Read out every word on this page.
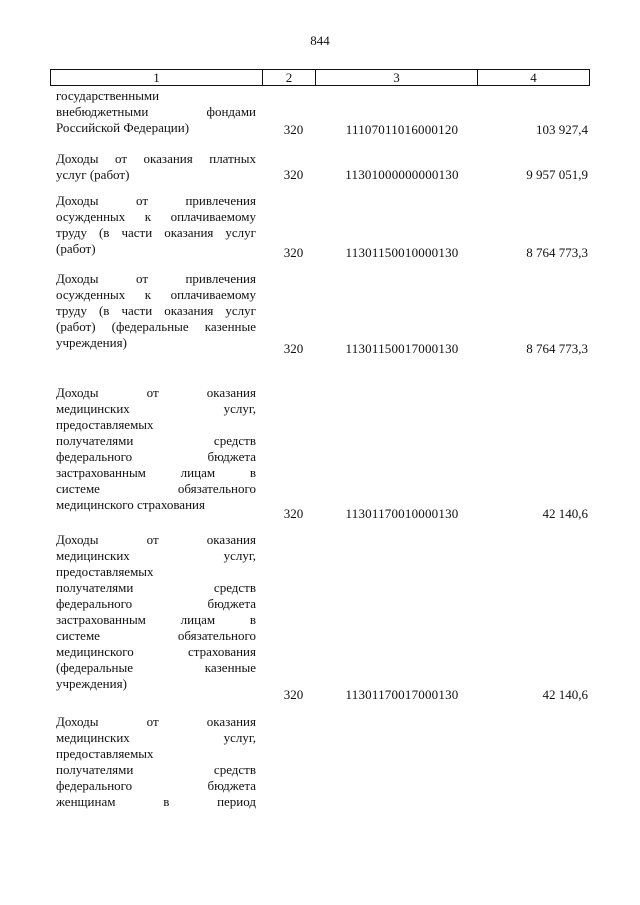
844
1	2	3	4
государственными
внебюджетными фондами
Российской Федерации)	320	11107011016000120	103 927,4
Доходы от оказания платных
услуг (работ)	320	11301000000000130	9 957 051,9
Доходы от привлечения
осужденных к оплачиваемому
труду (в части оказания услуг
(работ)	320	11301150010000130	8 764 773,3
Доходы от привлечения
осужденных к оплачиваемому
труду (в части оказания услуг
(работ) (федеральные казенные
учреждения)	320	11301150017000130	8 764 773,3
Доходы от оказания
медицинских услуг,
предоставляемых
получателями средств
федерального бюджета
застрахованным лицам в
системе обязательного
медицинского страхования
320	11301170010000130	42 140,6
Доходы от оказания
медицинских услуг,
предоставляемых
получателями средств
федерального бюджета
застрахованным лицам в
системе обязательного
медицинского страхования
(федеральные казенные
учреждения)
320	11301170017000130	42 140,6
Доходы от оказания
медицинских услуг,
предоставляемых
получателями средств
федерального бюджета
женщинам в период
